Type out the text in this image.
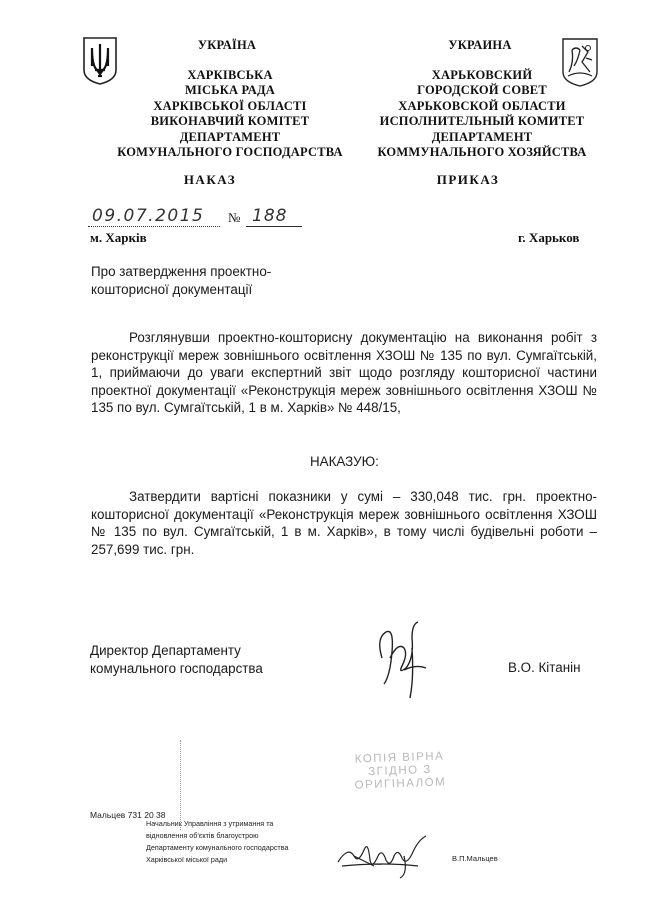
УКРАЇНА
ХАРКІВСЬКА
МІСЬКА РАДА
ХАРКІВСЬКОЇ ОБЛАСТІ
ВИКОНАВЧИЙ КОМІТЕТ
ДЕПАРТАМЕНТ
КОМУНАЛЬНОГО ГОСПОДАРСТВА
УКРАИНА
ХАРЬКОВСКИЙ
ГОРОДСКОЙ СОВЕТ
ХАРЬКОВСКОЙ ОБЛАСТИ
ИСПОЛНИТЕЛЬНЫЙ КОМИТЕТ
ДЕПАРТАМЕНТ
КОММУНАЛЬНОГО ХОЗЯЙСТВА
НАКАЗ	ПРИКАЗ
09.07.2015 № 188
м. Харків	г. Харьков
Про затвердження проектно-
кошторисної документації
Розглянувши проектно-кошторисну документацію на виконання робіт з реконструкції мереж зовнішнього освітлення ХЗОШ № 135 по вул. Сумгаїтській, 1, приймаючи до уваги експертний звіт щодо розгляду кошторисної частини проектної документації «Реконструкція мереж зовнішнього освітлення ХЗОШ № 135 по вул. Сумгаїтській, 1 в м. Харків» № 448/15,
НАКАЗУЮ:
Затвердити вартісні показники у сумі – 330,048 тис. грн. проектно-кошторисної документації «Реконструкція мереж зовнішнього освітлення ХЗОШ № 135 по вул. Сумгаїтській, 1 в м. Харків», в тому числі будівельні роботи – 257,699 тис. грн.
Директор Департаменту
комунального господарства	В.О. Кітанін
КОПІЯ ВІРНА
ЗГІДНО З
ОРИГІНАЛОМ
Мальцев 731 20 38
Начальник Управління з утримання та
відновлення об'єктів благоустрою
Департаменту комунального господарства
Харківської міської ради	В.П.Мальцев
